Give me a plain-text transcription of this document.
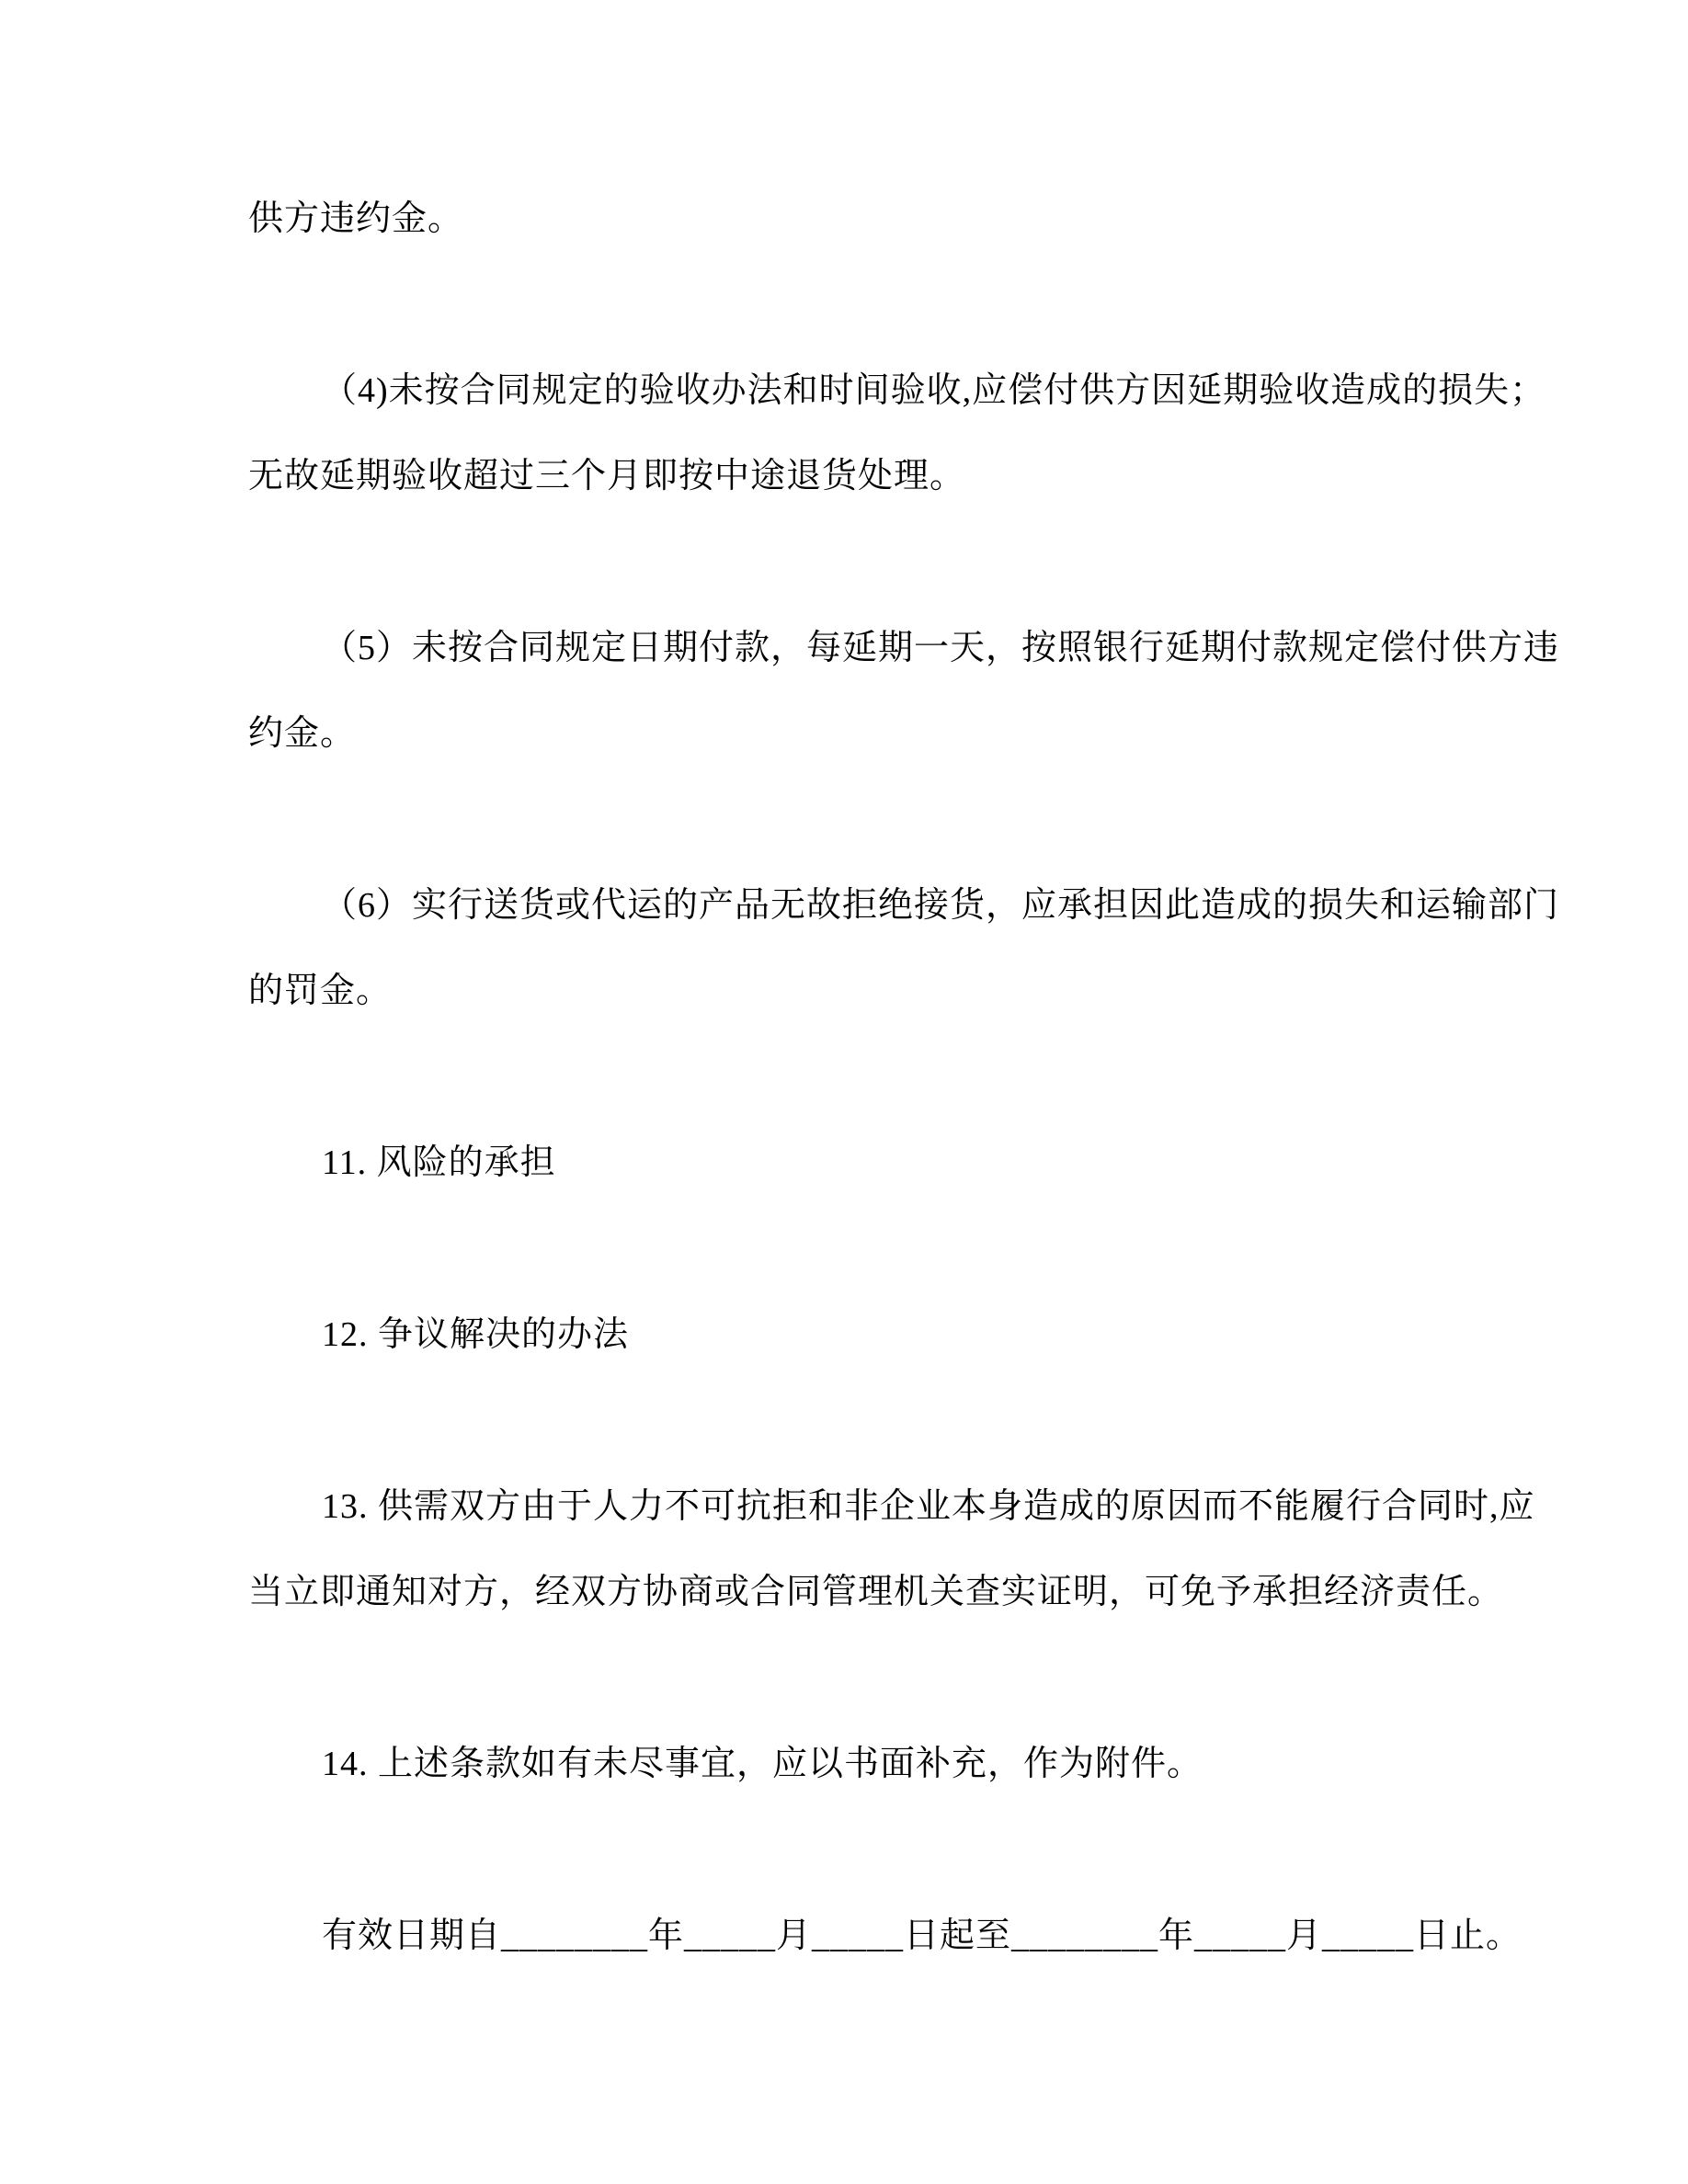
供方违约金。
（4)未按合同规定的验收办法和时间验收,应偿付供方因延期验收造成的损失；
无故延期验收超过三个月即按中途退货处理。
（5）未按合同规定日期付款，每延期一天，按照银行延期付款规定偿付供方违
约金。
（6）实行送货或代运的产品无故拒绝接货，应承担因此造成的损失和运输部门
的罚金。
11. 风险的承担
12. 争议解决的办法
13. 供需双方由于人力不可抗拒和非企业本身造成的原因而不能履行合同时,应
当立即通知对方，经双方协商或合同管理机关查实证明，可免予承担经济责任。
14. 上述条款如有未尽事宜，应以书面补充，作为附件。
有效日期自________年_____月_____日起至________年_____月_____日止。
